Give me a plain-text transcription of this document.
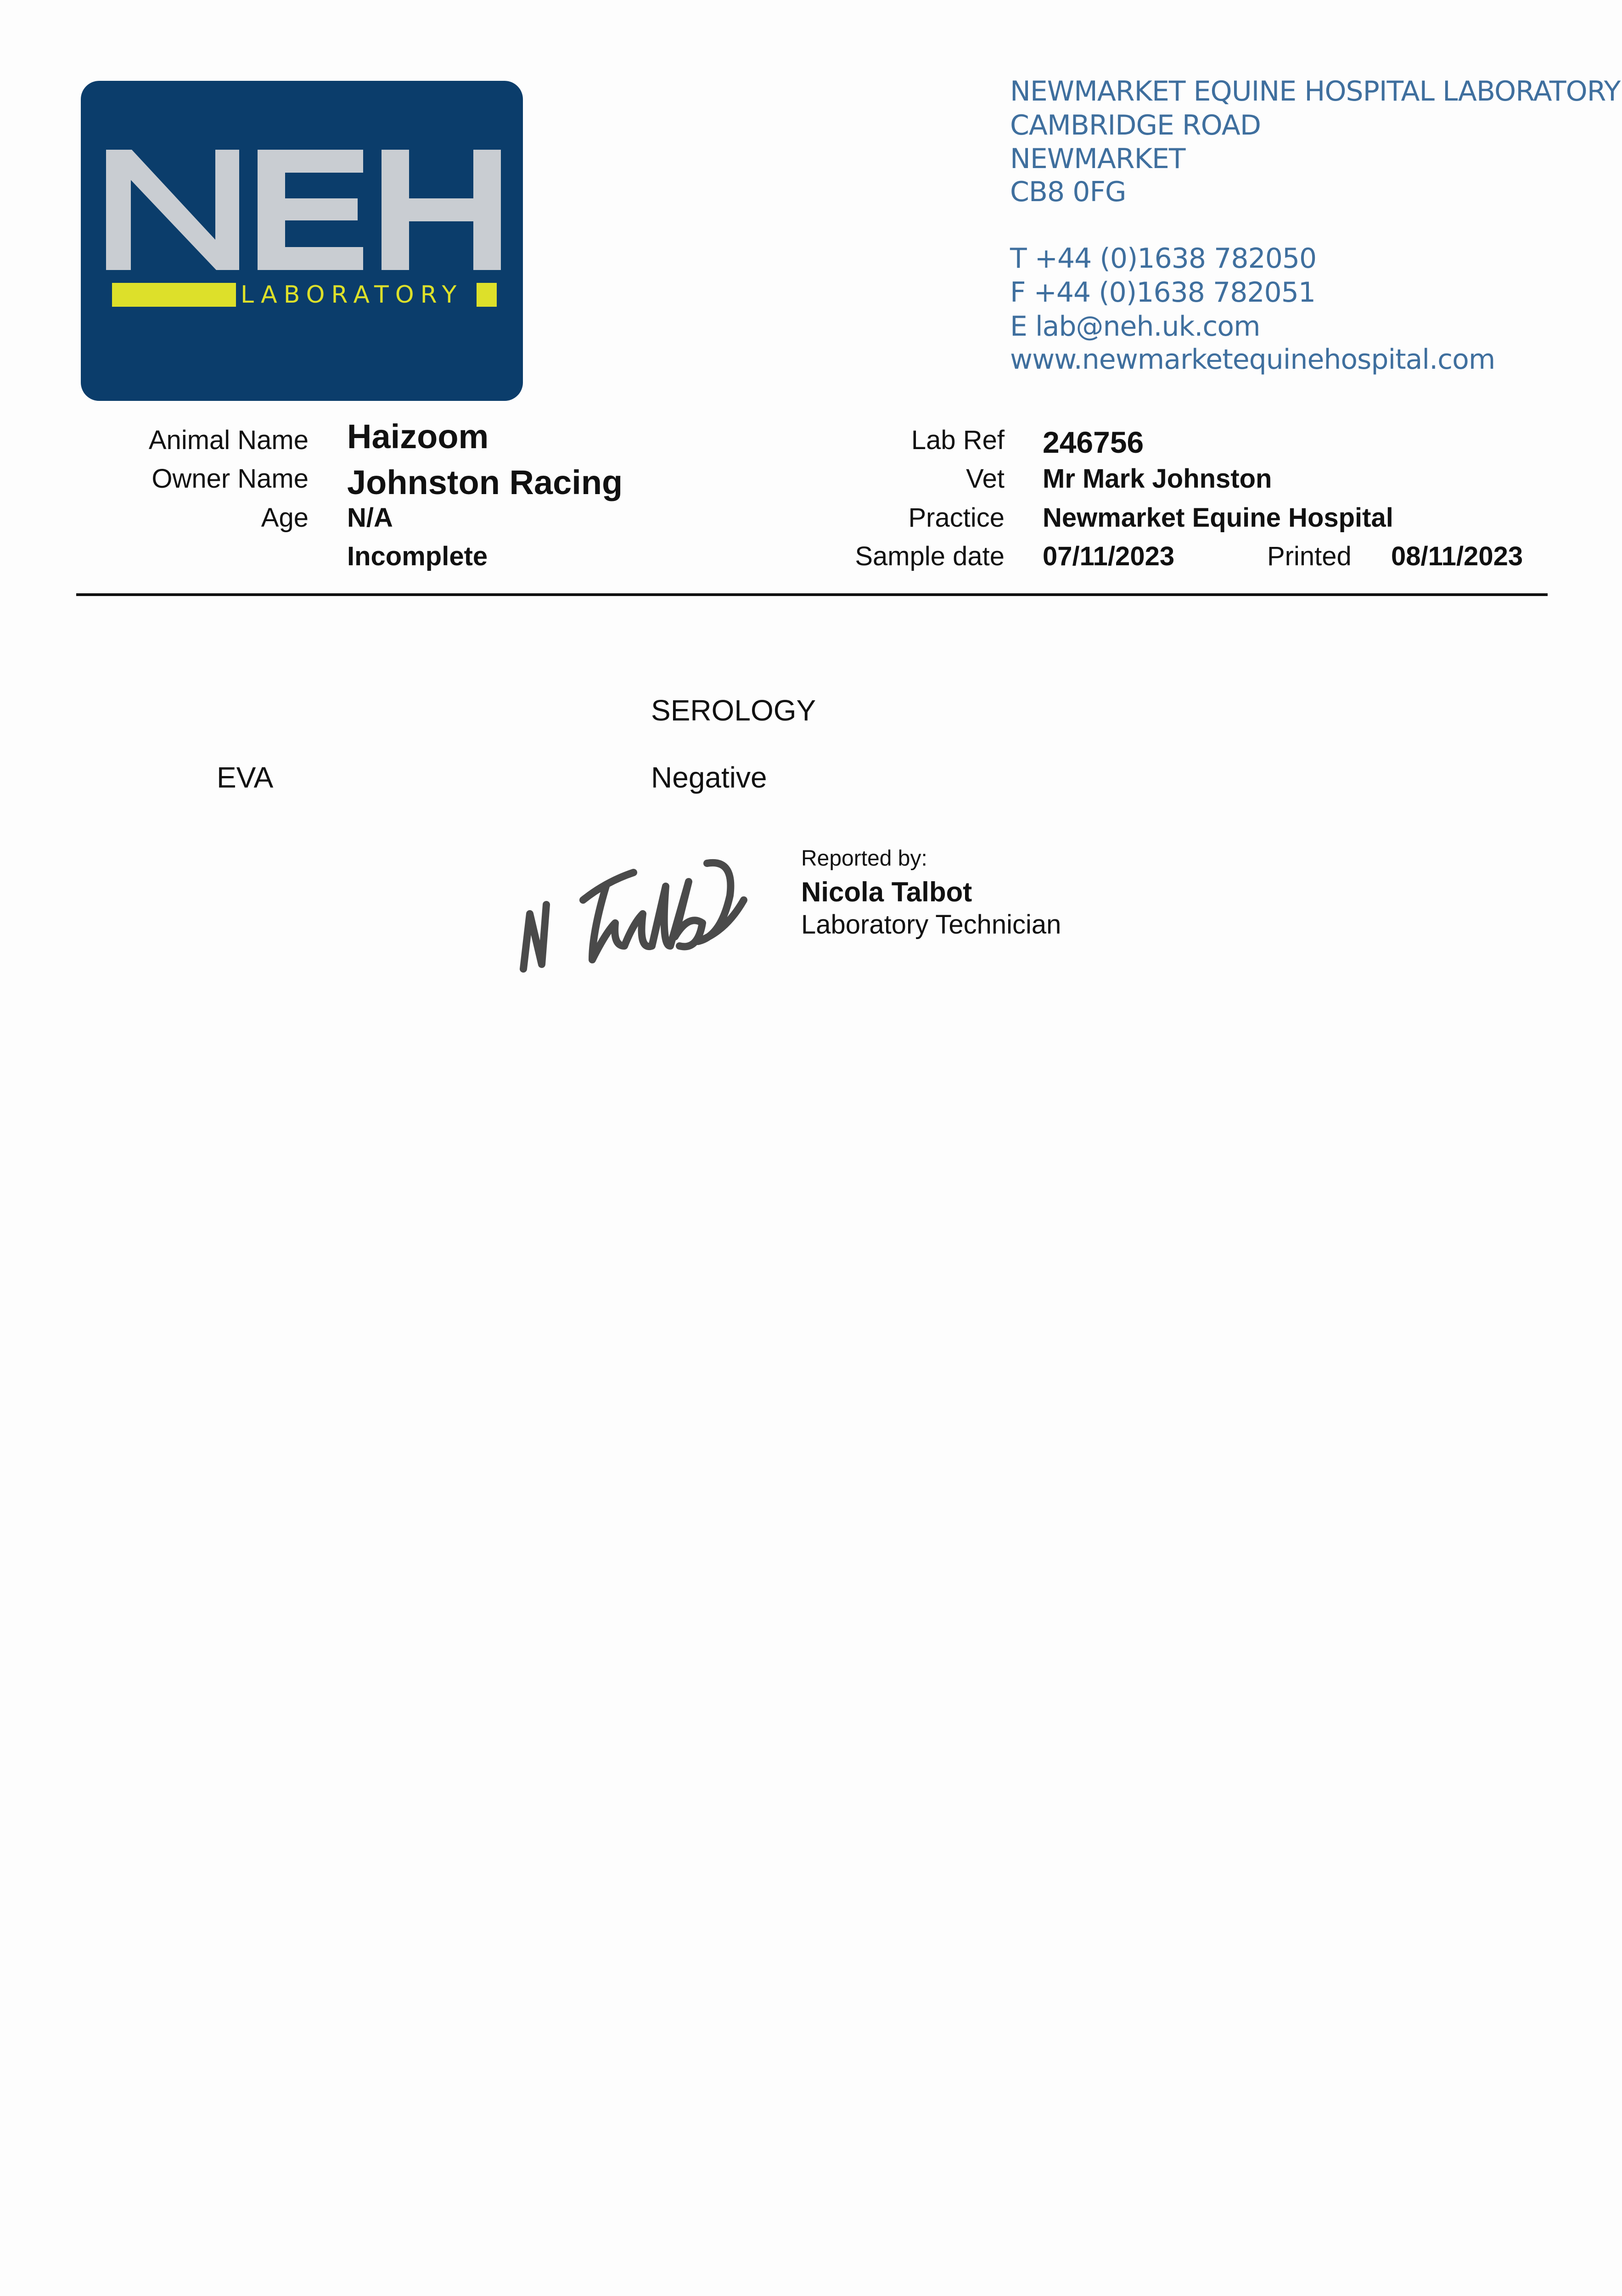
LABORATORY
NEWMARKET EQUINE HOSPITAL LABORATORY
CAMBRIDGE ROAD
NEWMARKET
CB8 0FG
T +44 (0)1638 782050
F +44 (0)1638 782051
E lab@neh.uk.com
www.newmarketequinehospital.com
Animal Name Haizoom
Owner Name Johnston Racing
Age N/A
Incomplete
Lab Ref 246756
Vet Mr Mark Johnston
Practice Newmarket Equine Hospital
Sample date 07/11/2023	Printed 08/11/2023
SEROLOGY
EVA	Negative
Reported by:
Nicola Talbot
Laboratory Technician
